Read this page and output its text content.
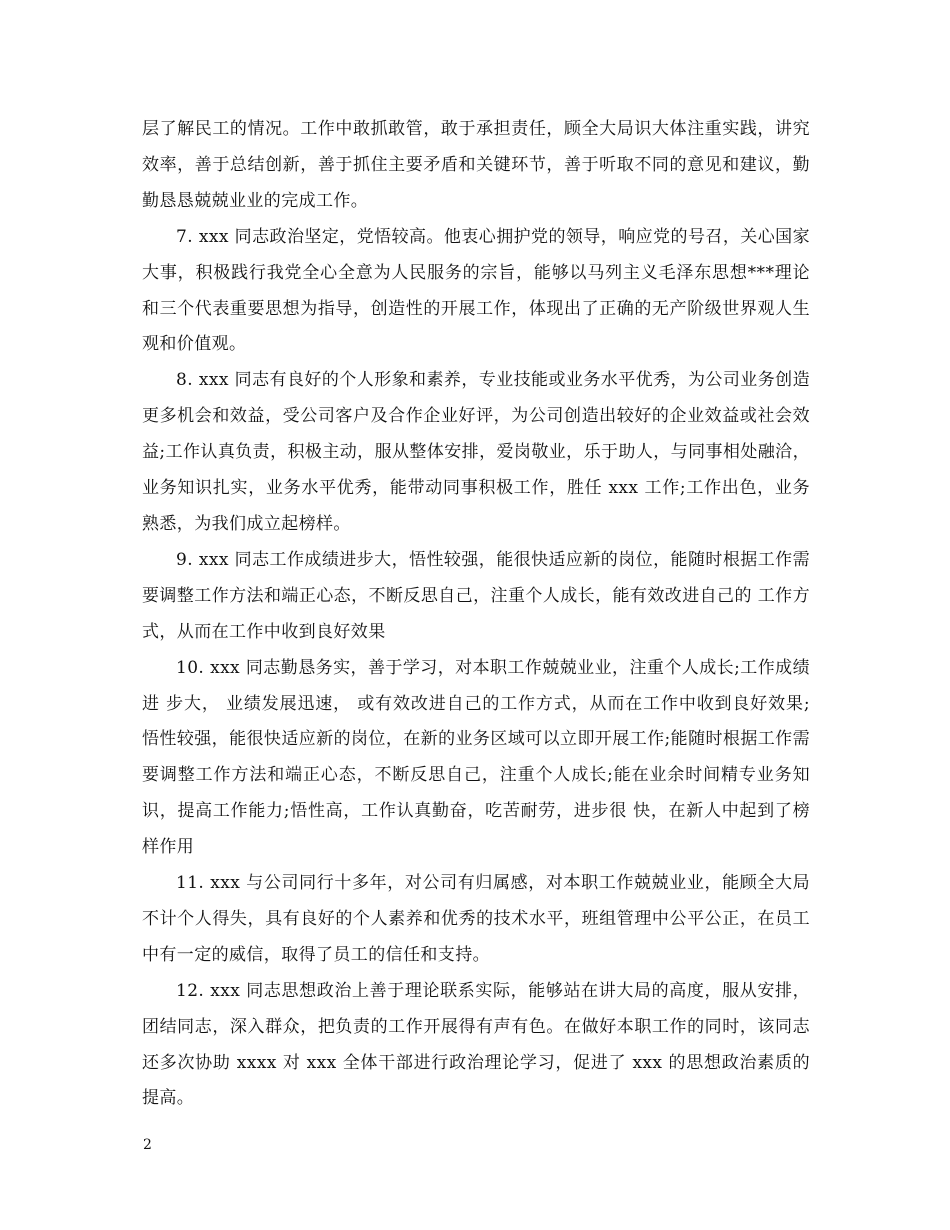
层了解民工的情况。工作中敢抓敢管，敢于承担责任，顾全大局识大体注重实践，讲究效率，善于总结创新，善于抓住主要矛盾和关键环节，善于听取不同的意见和建议，勤勤恳恳兢兢业业的完成工作。

7. xxx 同志政治坚定，党悟较高。他衷心拥护党的领导，响应党的号召，关心国家大事，积极践行我党全心全意为人民服务的宗旨，能够以马列主义毛泽东思想***理论和三个代表重要思想为指导，创造性的开展工作，体现出了正确的无产阶级世界观人生观和价值观。

8. xxx 同志有良好的个人形象和素养，专业技能或业务水平优秀，为公司业务创造更多机会和效益，受公司客户及合作企业好评，为公司创造出较好的企业效益或社会效益;工作认真负责，积极主动，服从整体安排，爱岗敬业，乐于助人，与同事相处融洽，业务知识扎实，业务水平优秀，能带动同事积极工作，胜任 xxx 工作;工作出色，业务熟悉，为我们成立起榜样。

9. xxx 同志工作成绩进步大，悟性较强，能很快适应新的岗位，能随时根据工作需要调整工作方法和端正心态，不断反思自己，注重个人成长，能有效改进自己的 工作方式，从而在工作中收到良好效果

10. xxx 同志勤恳务实，善于学习，对本职工作兢兢业业，注重个人成长;工作成绩进 步大， 业绩发展迅速， 或有效改进自己的工作方式，从而在工作中收到良好效果; 悟性较强，能很快适应新的岗位，在新的业务区域可以立即开展工作;能随时根据工作需要调整工作方法和端正心态，不断反思自己，注重个人成长;能在业余时间精专业务知识，提高工作能力;悟性高，工作认真勤奋，吃苦耐劳，进步很 快，在新人中起到了榜样作用

11. xxx 与公司同行十多年，对公司有归属感，对本职工作兢兢业业，能顾全大局不计个人得失，具有良好的个人素养和优秀的技术水平，班组管理中公平公正，在员工中有一定的威信，取得了员工的信任和支持。

12. xxx 同志思想政治上善于理论联系实际，能够站在讲大局的高度，服从安排，团结同志，深入群众，把负责的工作开展得有声有色。在做好本职工作的同时，该同志还多次协助 xxxx 对 xxx 全体干部进行政治理论学习，促进了 xxx 的思想政治素质的提高。

2
